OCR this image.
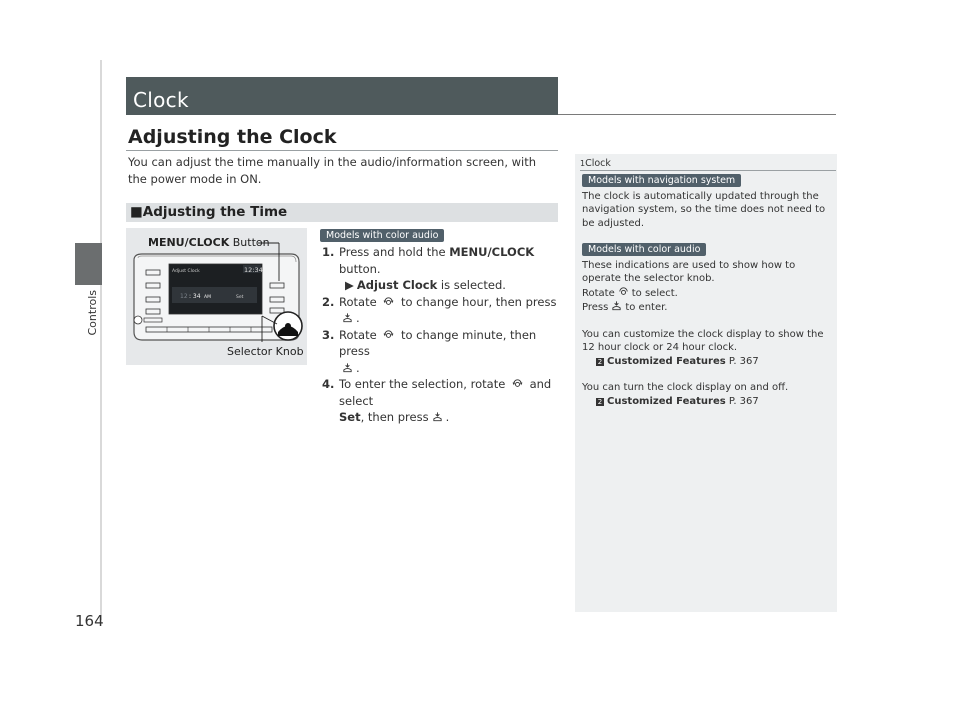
Controls
164
Clock
Adjusting the Clock
You can adjust the time manually in the audio/information screen, with the power mode in ON.
■Adjusting the Time
Adjust Clock	12:34
12 : 34 AM	Set
MENU/CLOCK Button
Selector Knob
Models with color audio
1. Press and hold the MENU/CLOCK button.
▶ Adjust Clock is selected.
2. Rotate to change hour, then press .
3. Rotate to change minute, then press
.
4. To enter the selection, rotate and select
Set, then press .
1Clock
Models with navigation system

The clock is automatically updated through the navigation system, so the time does not need to be adjusted.

Models with color audio

These indications are used to show how to operate the selector knob.

Rotate to select.

Press to enter.

You can customize the clock display to show the 12 hour clock or 24 hour clock.

2 Customized Features P. 367

You can turn the clock display on and off.

2 Customized Features P. 367
